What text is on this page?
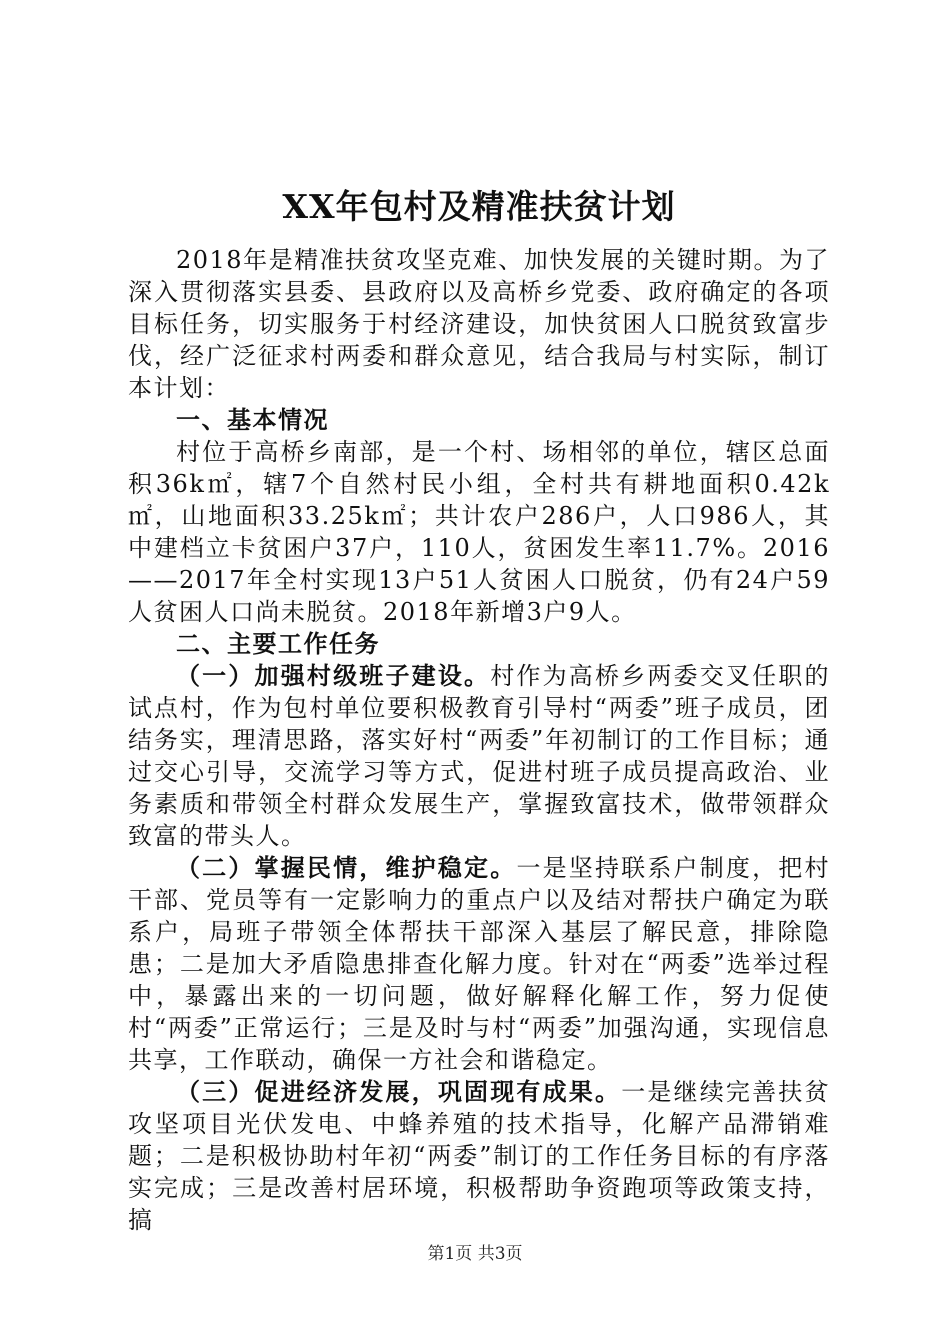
XX年包村及精准扶贫计划

2018年是精准扶贫攻坚克难、加快发展的关键时期。为了深入贯彻落实县委、县政府以及高桥乡党委、政府确定的各项目标任务，切实服务于村经济建设，加快贫困人口脱贫致富步伐，经广泛征求村两委和群众意见，结合我局与村实际，制订本计划：

一、基本情况

村位于高桥乡南部，是一个村、场相邻的单位，辖区总面积36k㎡，辖7个自然村民小组，全村共有耕地面积0.42k㎡，山地面积33.25k㎡；共计农户286户，人口986人，其中建档立卡贫困户37户，110人，贫困发生率11.7%。2016——2017年全村实现13户51人贫困人口脱贫，仍有24户59人贫困人口尚未脱贫。2018年新增3户9人。

二、主要工作任务

（一）加强村级班子建设。村作为高桥乡两委交叉任职的试点村，作为包村单位要积极教育引导村“两委”班子成员，团结务实，理清思路，落实好村“两委”年初制订的工作目标；通过交心引导，交流学习等方式，促进村班子成员提高政治、业务素质和带领全村群众发展生产，掌握致富技术，做带领群众致富的带头人。

（二）掌握民情，维护稳定。一是坚持联系户制度，把村干部、党员等有一定影响力的重点户以及结对帮扶户确定为联系户，局班子带领全体帮扶干部深入基层了解民意，排除隐患；二是加大矛盾隐患排查化解力度。针对在“两委”选举过程中，暴露出来的一切问题，做好解释化解工作，努力促使村“两委”正常运行；三是及时与村“两委”加强沟通，实现信息共享，工作联动，确保一方社会和谐稳定。

（三）促进经济发展，巩固现有成果。一是继续完善扶贫攻坚项目光伏发电、中蜂养殖的技术指导，化解产品滞销难题；二是积极协助村年初“两委”制订的工作任务目标的有序落实完成；三是改善村居环境，积极帮助争资跑项等政策支持，搞

第1页 共3页
